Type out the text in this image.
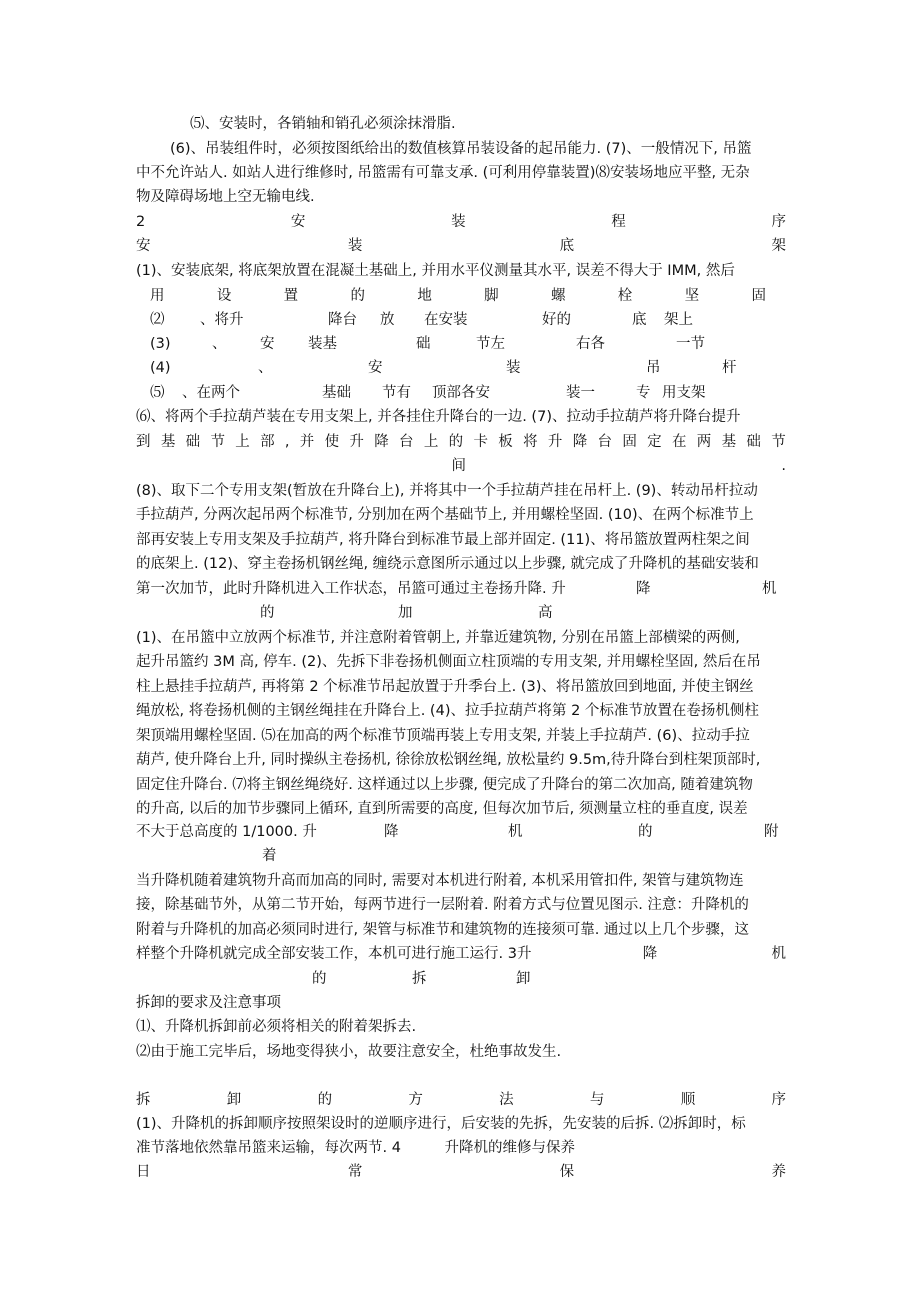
⑸、安装时，各销轴和销孔必须涂抹滑脂.
(6)、吊装组件时，必须按图纸给出的数值核算吊装设备的起吊能力. (7)、一般情况下, 吊篮
中不允许站人. 如站人进行维修时, 吊篮需有可靠支承. (可利用停靠装置)⑻安装场地应平整, 无杂
物及障碍场地上空无输电线.
2	安	装	程	序
安	装	底	架
(1)、安装底架, 将底架放置在混凝土基础上, 并用水平仪测量其水平, 误差不得大于 IMM, 然后
用	设	置	的	地	脚	螺	栓	坚	固
⑵	、将升	降台	放	在安装	好的	底	架上
(3)	、	安	装基	础	节左	右各	一节
(4)	、	安	装	吊	杆
⑸	、在两个	基础	节有	顶部各安	装一	专 用支架
⑹、将两个手拉葫芦装在专用支架上, 并各挂住升降台的一边. (7)、拉动手拉葫芦将升降台提升
到 基 础 节 上 部 , 并 使 升 降 台 上 的 卡 板 将 升 降 台 固 定 在 两 基 础 节
间	.
(8)、取下二个专用支架(暂放在升降台上), 并将其中一个手拉葫芦挂在吊杆上. (9)、转动吊杆拉动
手拉葫芦, 分两次起吊两个标准节, 分别加在两个基础节上, 并用螺栓坚固. (10)、在两个标准节上
部再安装上专用支架及手拉葫芦, 将升降台到标准节最上部并固定. (11)、将吊篮放置两柱架之间
的底架上. (12)、穿主卷扬机钢丝绳, 缠绕示意图所示通过以上步骤, 就完成了升降机的基础安装和
第一次加节，此时升降机进入工作状态，吊篮可通过主卷扬升降. 升	降	机
的	加	高
(1)、在吊篮中立放两个标准节, 并注意附着管朝上, 并靠近建筑物, 分别在吊篮上部横梁的两侧,
起升吊篮约 3M 高, 停车. (2)、先拆下非卷扬机侧面立柱顶端的专用支架, 并用螺栓坚固, 然后在吊
柱上悬挂手拉葫芦, 再将第 2 个标准节吊起放置于升季台上. (3)、将吊篮放回到地面, 并使主钢丝
绳放松, 将卷扬机侧的主钢丝绳挂在升降台上. (4)、拉手拉葫芦将第 2 个标准节放置在卷扬机侧柱
架顶端用螺栓坚固. ⑸在加高的两个标准节顶端再装上专用支架, 并装上手拉葫芦. (6)、拉动手拉
葫芦, 使升降台上升, 同时操纵主卷扬机, 徐徐放松钢丝绳, 放松量约 9.5m,待升降台到柱架顶部时,
固定住升降台. ⑺将主钢丝绳绕好. 这样通过以上步骤, 便完成了升降台的第二次加高, 随着建筑物
的升高, 以后的加节步骤同上循环, 直到所需要的高度, 但每次加节后, 须测量立柱的垂直度, 误差
不大于总高度的 1/1000. 升	降	机	的	附
着
当升降机随着建筑物升高而加高的同时, 需要对本机进行附着, 本机采用管扣件, 架管与建筑物连
接，除基础节外，从第二节开始，每两节进行一层附着. 附着方式与位置见图示. 注意：升降机的
附着与升降机的加高必须同时进行, 架管与标准节和建筑物的连接须可靠. 通过以上几个步骤，这
样整个升降机就完成全部安装工作，本机可进行施工运行. 3 升	降	机
的	拆	卸
拆卸的要求及注意事项
⑴、升降机拆卸前必须将相关的附着架拆去.
⑵由于施工完毕后，场地变得狭小，故要注意安全，杜绝事故发生.
拆	卸	的	方	法	与	顺	序
(1)、升降机的拆卸顺序按照架设时的逆顺序进行，后安装的先拆，先安装的后拆. ⑵拆卸时，标
准节落地依然靠吊篮来运输，每次两节. 4　　　升降机的维修与保养
日	常	保	养
